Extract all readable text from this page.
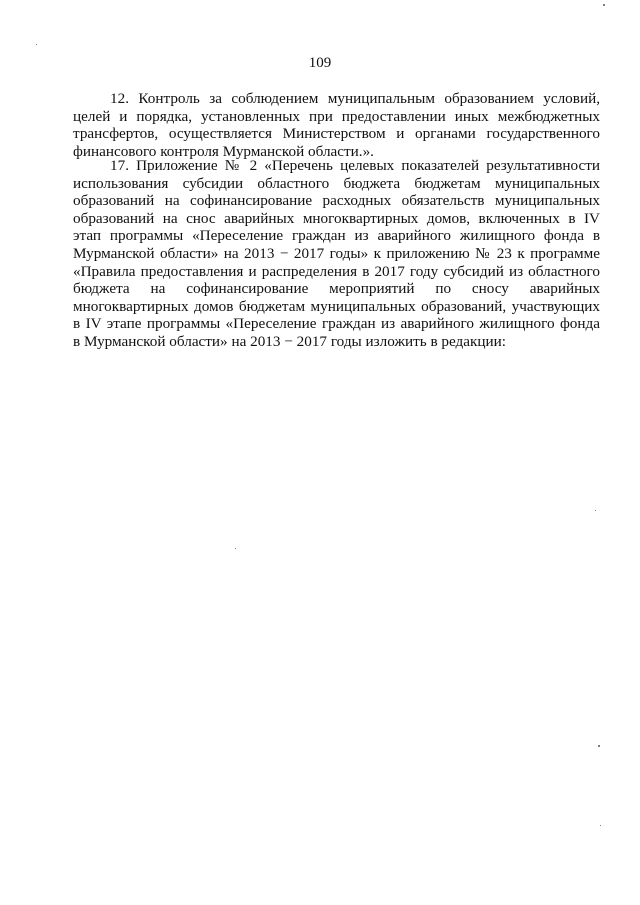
109

12. Контроль за соблюдением муниципальным образованием условий,
целей и порядка, установленных при предоставлении иных межбюджетных
трансфертов, осуществляется Министерством и органами государственного
финансового контроля Мурманской области.».

17. Приложение № 2 «Перечень целевых показателей результативности
использования субсидии областного бюджета бюджетам муниципальных
образований на софинансирование расходных обязательств муниципальных
образований на снос аварийных многоквартирных домов, включенных в IV
этап программы «Переселение граждан из аварийного жилищного фонда в
Мурманской области» на 2013 − 2017 годы» к приложению № 23 к программе
«Правила предоставления и распределения в 2017 году субсидий из областного
бюджета на софинансирование мероприятий по сносу аварийных
многоквартирных домов бюджетам муниципальных образований, участвующих
в IV этапе программы «Переселение граждан из аварийного жилищного фонда
в Мурманской области» на 2013 − 2017 годы изложить в редакции:
